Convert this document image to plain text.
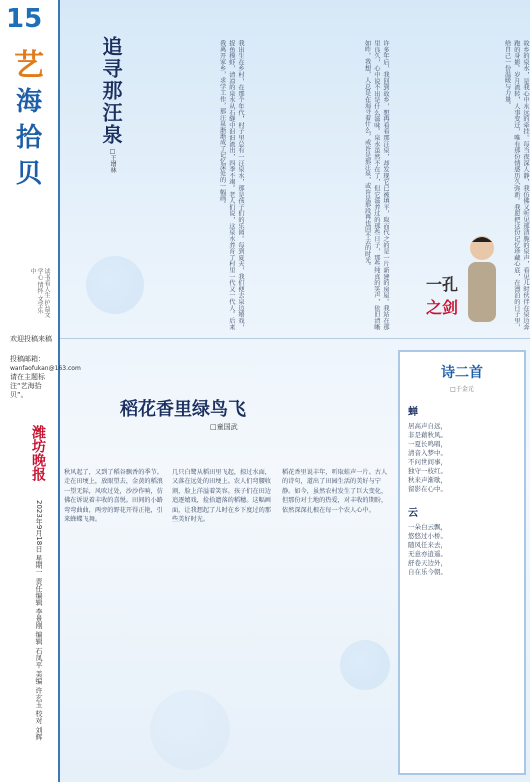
15
艺
海
拾
贝
读书看人生 护益文学心 情怀 文学乐中
欢迎投稿来稿
投稿邮箱：
wanfaofukan@163.com
请在主题标注“艺海拾贝”。
潍坊晚报
2023年9月18日 星期一 责任编辑 李景刚 编辑 石凤平 美编 许玄玉 校对 刘辉
追寻那汪泉
□王增林	我出生在乡村，在那个年代，村子里总有一汪泉水，那是孩子们的乐园。每到夏天，我们便去泉边嬉戏，捉鱼摸虾，清凉的泉水从石缝中汩汩流出，四季不竭。老人们说，这泉水养育了村里一代又一代人。后来我离开家乡，求学工作，那汪泉渐渐成了记忆深处的一幅画。	许多年后，我回到故乡，想再看看那汪泉，却发现它已被填平，取而代之的是一片新建的房屋。我站在那里良久，心中说不出是什么滋味。泉水虽然不在了，但它滋养过的那些日子，那些纯真的笑声，依旧清晰如昨。我想，人总是在追寻着什么，或许是那汪泉，或许是那段再也回不去的时光。	故乡的泉水，是我心中永远的牵挂。每当夜深人静，我仿佛又听见那清脆的泉声，看见儿时伙伴在泉边奔跑的身影。岁月流转，人事变迁，唯有那份情感历久弥新。我愿把这份记忆珍藏心底，在漂泊的日子里，给自己一份温暖与力量。
一孔
之剑
稻花香里绿鸟飞
□童国武
秋风起了，又到了稻谷飘香的季节。走在田埂上，放眼望去，金黄的稻浪一望无际，风吹过处，沙沙作响，仿佛在诉说着丰收的喜悦。田间的小路弯弯曲曲，两旁的野花开得正艳，引来蜂蝶飞舞。
几只白鹭从稻田里飞起，掠过水面，又落在远处的田埂上。农人们弯腰收割，脸上洋溢着笑容。孩子们在田边追逐嬉戏，捡拾遗落的稻穗。这幅画面，让我想起了儿时在乡下度过的那些美好时光。
稻花香里说丰年，听取蛙声一片。古人的诗句，道出了田园生活的美好与宁静。如今，虽然农村发生了巨大变化，但那份对土地的热爱，对丰收的期盼，依然深深扎根在每一个农人心中。
诗二首
□于金元
蝉
居高声自远，
非是藉秋风。
一夏长鸣唱，
清音入梦中。
不问世间事，
独守一枝红。
秋来声渐歇，
留影在心中。
云
一朵白云飘，
悠悠过小桥。
随风任来去，
无意亦逍遥。
舒卷天边外，
自在乐今朝。
